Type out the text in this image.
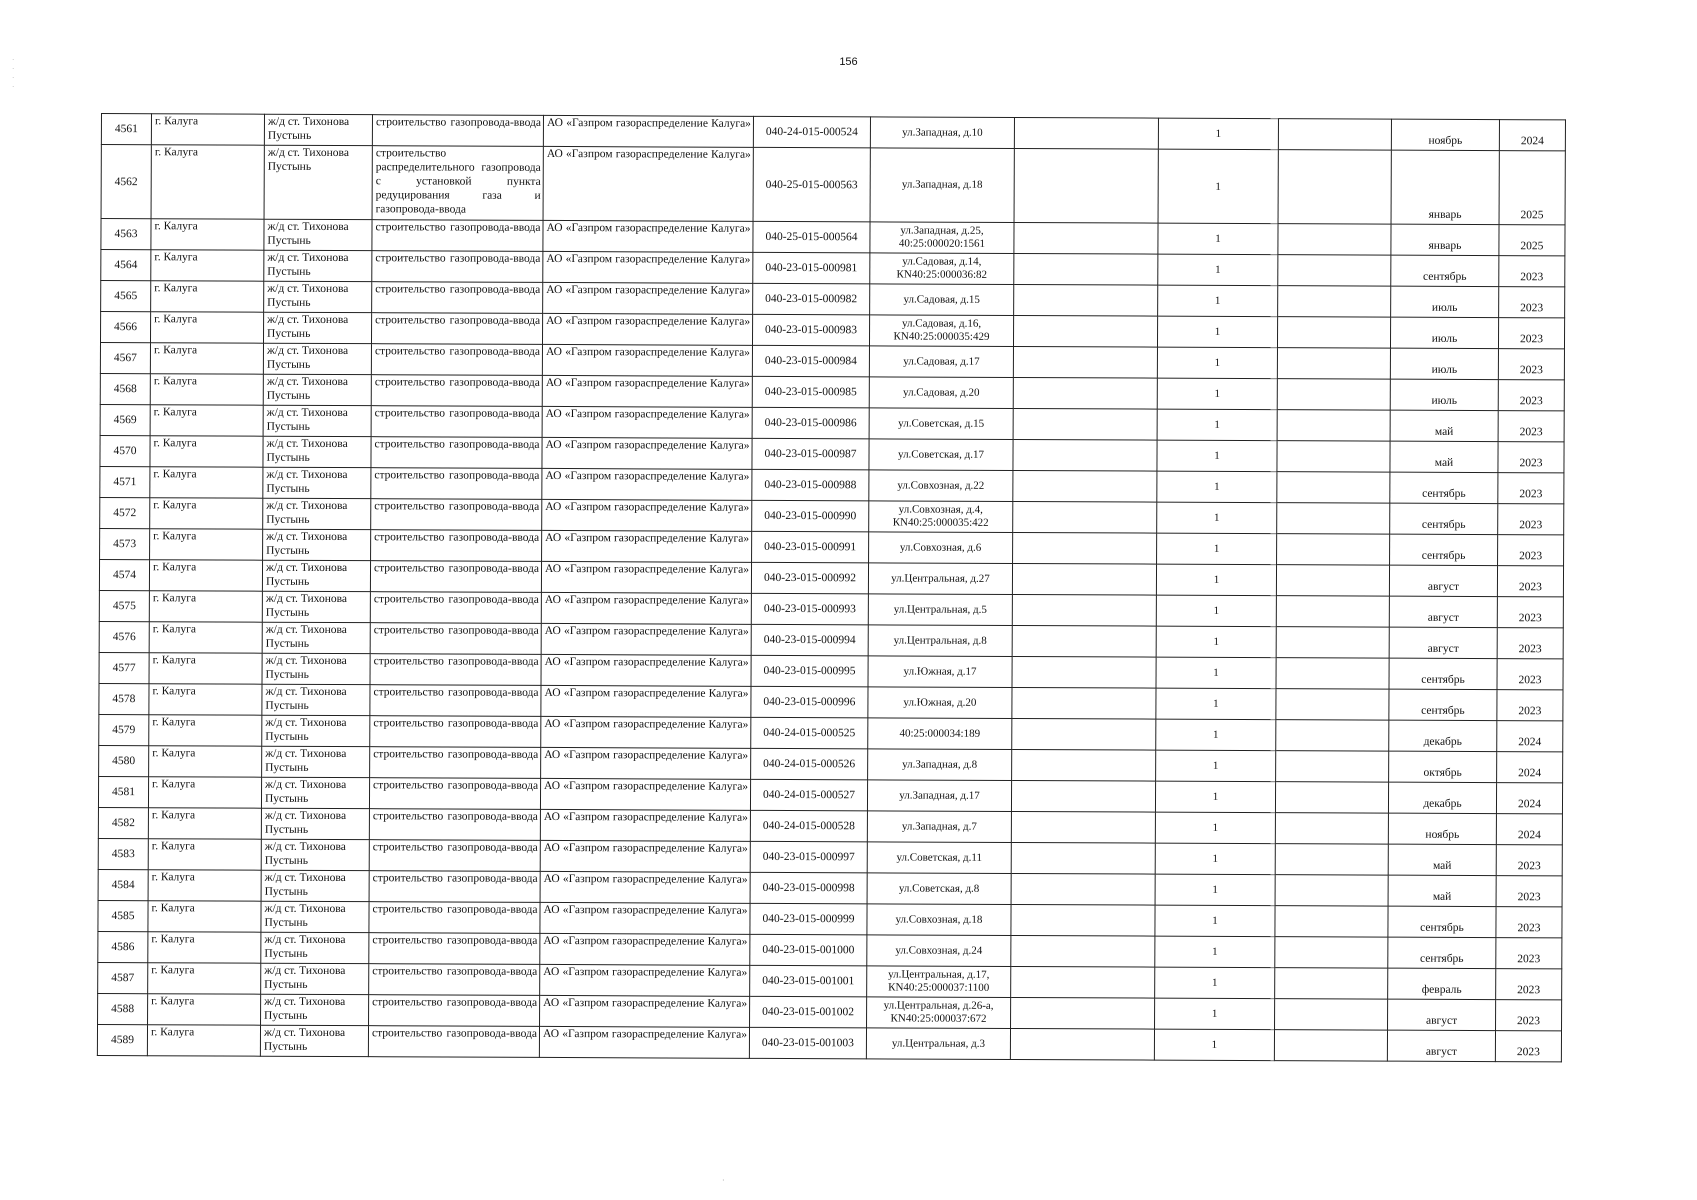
·
·
·
·
156
4561	г. Калуга	ж/д ст. Тихонова Пустынь	строительство газопровода-ввода	АО «Газпром газораспределение Калуга»	040-24-015-000524	ул.Западная, д.10		1		ноябрь	2024
4562	г. Калуга	ж/д ст. Тихонова Пустынь	строительство распределительного газопровода с установкой пункта редуцирования газа и газопровода-ввода	АО «Газпром газораспределение Калуга»	040-25-015-000563	ул.Западная, д.18		1		январь	2025
4563	г. Калуга	ж/д ст. Тихонова Пустынь	строительство газопровода-ввода	АО «Газпром газораспределение Калуга»	040-25-015-000564	ул.Западная, д.25, 40:25:000020:1561		1		январь	2025
4564	г. Калуга	ж/д ст. Тихонова Пустынь	строительство газопровода-ввода	АО «Газпром газораспределение Калуга»	040-23-015-000981	ул.Садовая, д.14, КN40:25:000036:82		1		сентябрь	2023
4565	г. Калуга	ж/д ст. Тихонова Пустынь	строительство газопровода-ввода	АО «Газпром газораспределение Калуга»	040-23-015-000982	ул.Садовая, д.15		1		июль	2023
4566	г. Калуга	ж/д ст. Тихонова Пустынь	строительство газопровода-ввода	АО «Газпром газораспределение Калуга»	040-23-015-000983	ул.Садовая, д.16, КN40:25:000035:429		1		июль	2023
4567	г. Калуга	ж/д ст. Тихонова Пустынь	строительство газопровода-ввода	АО «Газпром газораспределение Калуга»	040-23-015-000984	ул.Садовая, д.17		1		июль	2023
4568	г. Калуга	ж/д ст. Тихонова Пустынь	строительство газопровода-ввода	АО «Газпром газораспределение Калуга»	040-23-015-000985	ул.Садовая, д.20		1		июль	2023
4569	г. Калуга	ж/д ст. Тихонова Пустынь	строительство газопровода-ввода	АО «Газпром газораспределение Калуга»	040-23-015-000986	ул.Советская, д.15		1		май	2023
4570	г. Калуга	ж/д ст. Тихонова Пустынь	строительство газопровода-ввода	АО «Газпром газораспределение Калуга»	040-23-015-000987	ул.Советская, д.17		1		май	2023
4571	г. Калуга	ж/д ст. Тихонова Пустынь	строительство газопровода-ввода	АО «Газпром газораспределение Калуга»	040-23-015-000988	ул.Совхозная, д.22		1		сентябрь	2023
4572	г. Калуга	ж/д ст. Тихонова Пустынь	строительство газопровода-ввода	АО «Газпром газораспределение Калуга»	040-23-015-000990	ул.Совхозная, д.4, КN40:25:000035:422		1		сентябрь	2023
4573	г. Калуга	ж/д ст. Тихонова Пустынь	строительство газопровода-ввода	АО «Газпром газораспределение Калуга»	040-23-015-000991	ул.Совхозная, д.6		1		сентябрь	2023
4574	г. Калуга	ж/д ст. Тихонова Пустынь	строительство газопровода-ввода	АО «Газпром газораспределение Калуга»	040-23-015-000992	ул.Центральная, д.27		1		август	2023
4575	г. Калуга	ж/д ст. Тихонова Пустынь	строительство газопровода-ввода	АО «Газпром газораспределение Калуга»	040-23-015-000993	ул.Центральная, д.5		1		август	2023
4576	г. Калуга	ж/д ст. Тихонова Пустынь	строительство газопровода-ввода	АО «Газпром газораспределение Калуга»	040-23-015-000994	ул.Центральная, д.8		1		август	2023
4577	г. Калуга	ж/д ст. Тихонова Пустынь	строительство газопровода-ввода	АО «Газпром газораспределение Калуга»	040-23-015-000995	ул.Южная, д.17		1		сентябрь	2023
4578	г. Калуга	ж/д ст. Тихонова Пустынь	строительство газопровода-ввода	АО «Газпром газораспределение Калуга»	040-23-015-000996	ул.Южная, д.20		1		сентябрь	2023
4579	г. Калуга	ж/д ст. Тихонова Пустынь	строительство газопровода-ввода	АО «Газпром газораспределение Калуга»	040-24-015-000525	40:25:000034:189		1		декабрь	2024
4580	г. Калуга	ж/д ст. Тихонова Пустынь	строительство газопровода-ввода	АО «Газпром газораспределение Калуга»	040-24-015-000526	ул.Западная, д.8		1		октябрь	2024
4581	г. Калуга	ж/д ст. Тихонова Пустынь	строительство газопровода-ввода	АО «Газпром газораспределение Калуга»	040-24-015-000527	ул.Западная, д.17		1		декабрь	2024
4582	г. Калуга	ж/д ст. Тихонова Пустынь	строительство газопровода-ввода	АО «Газпром газораспределение Калуга»	040-24-015-000528	ул.Западная, д.7		1		ноябрь	2024
4583	г. Калуга	ж/д ст. Тихонова Пустынь	строительство газопровода-ввода	АО «Газпром газораспределение Калуга»	040-23-015-000997	ул.Советская, д.11		1		май	2023
4584	г. Калуга	ж/д ст. Тихонова Пустынь	строительство газопровода-ввода	АО «Газпром газораспределение Калуга»	040-23-015-000998	ул.Советская, д.8		1		май	2023
4585	г. Калуга	ж/д ст. Тихонова Пустынь	строительство газопровода-ввода	АО «Газпром газораспределение Калуга»	040-23-015-000999	ул.Совхозная, д.18		1		сентябрь	2023
4586	г. Калуга	ж/д ст. Тихонова Пустынь	строительство газопровода-ввода	АО «Газпром газораспределение Калуга»	040-23-015-001000	ул.Совхозная, д.24		1		сентябрь	2023
4587	г. Калуга	ж/д ст. Тихонова Пустынь	строительство газопровода-ввода	АО «Газпром газораспределение Калуга»	040-23-015-001001	ул.Центральная, д.17, КN40:25:000037:1100		1		февраль	2023
4588	г. Калуга	ж/д ст. Тихонова Пустынь	строительство газопровода-ввода	АО «Газпром газораспределение Калуга»	040-23-015-001002	ул.Центральная, д.26-а, КN40:25:000037:672		1		август	2023
4589	г. Калуга	ж/д ст. Тихонова Пустынь	строительство газопровода-ввода	АО «Газпром газораспределение Калуга»	040-23-015-001003	ул.Центральная, д.3		1		август	2023
·
